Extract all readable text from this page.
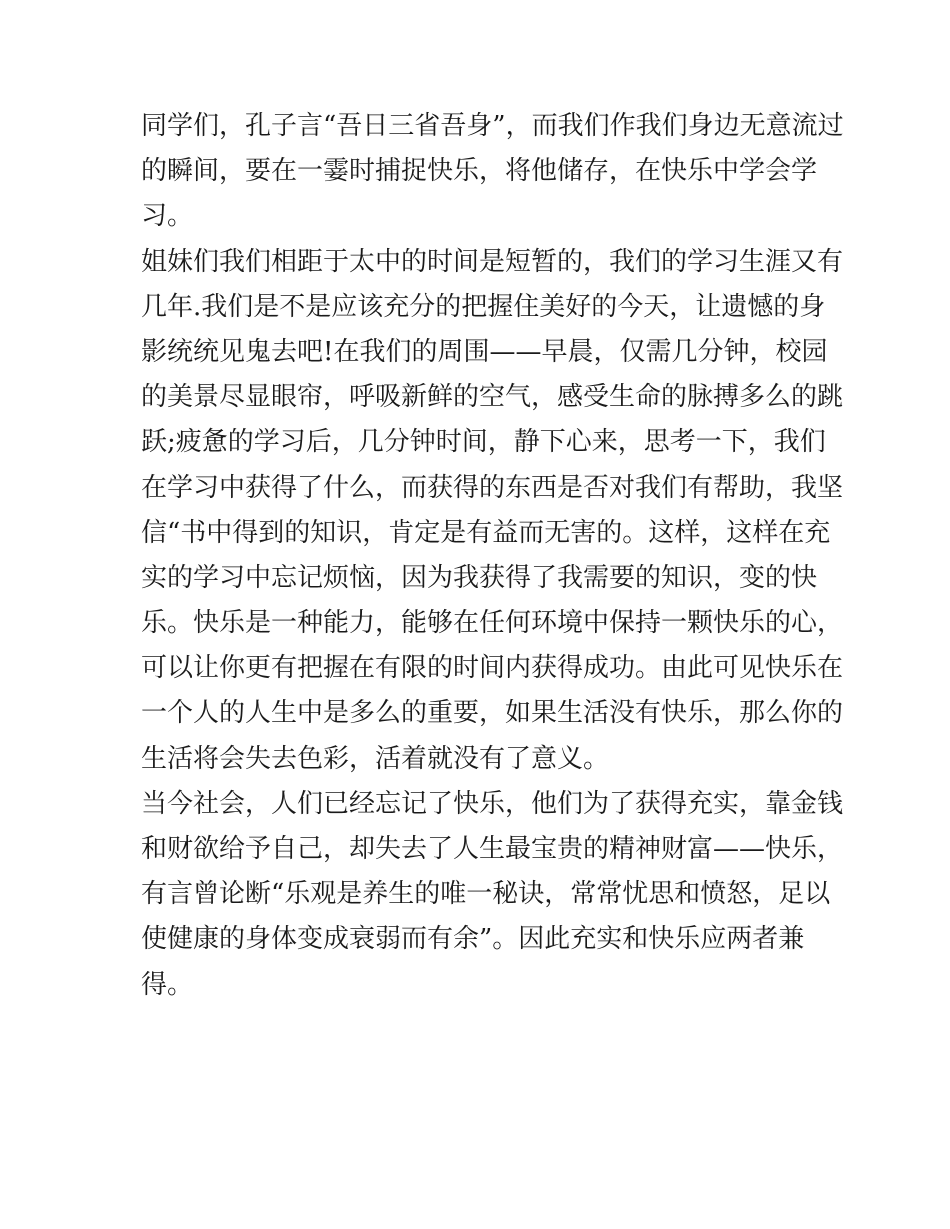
同学们，孔子言“吾日三省吾身”，而我们作我们身边无意流过
的瞬间，要在一霎时捕捉快乐，将他储存，在快乐中学会学
习。
姐妹们我们相距于太中的时间是短暂的，我们的学习生涯又有
几年.我们是不是应该充分的把握住美好的今天，让遗憾的身
影统统见鬼去吧!在我们的周围——早晨，仅需几分钟，校园
的美景尽显眼帘，呼吸新鲜的空气，感受生命的脉搏多么的跳
跃;疲惫的学习后，几分钟时间，静下心来，思考一下，我们
在学习中获得了什么，而获得的东西是否对我们有帮助，我坚
信“书中得到的知识，肯定是有益而无害的。这样，这样在充
实的学习中忘记烦恼，因为我获得了我需要的知识，变的快
乐。快乐是一种能力，能够在任何环境中保持一颗快乐的心，
可以让你更有把握在有限的时间内获得成功。由此可见快乐在
一个人的人生中是多么的重要，如果生活没有快乐，那么你的
生活将会失去色彩，活着就没有了意义。
当今社会，人们已经忘记了快乐，他们为了获得充实，靠金钱
和财欲给予自己，却失去了人生最宝贵的精神财富——快乐，
有言曾论断“乐观是养生的唯一秘诀，常常忧思和愤怒，足以
使健康的身体变成衰弱而有余”。因此充实和快乐应两者兼
得。
